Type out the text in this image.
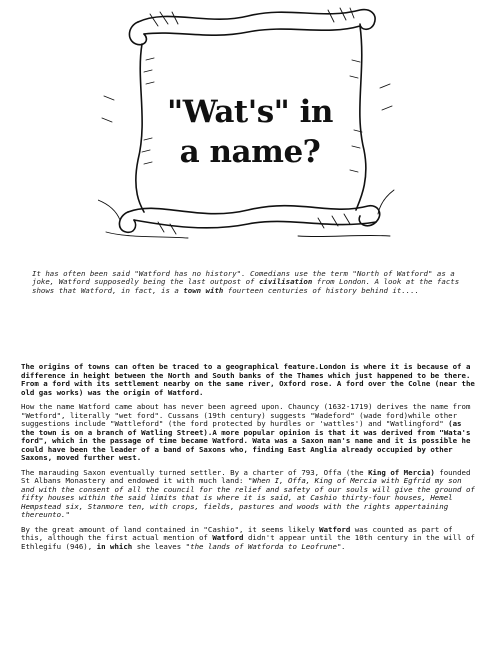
"Wat's" in
a name?

It has often been said "Watford has no history". Comedians use the term "North of Watford" as a joke, Watford supposedly being the last outpost of civilisation from London. A look at the facts shows that Watford, in fact, is a town with fourteen centuries of history behind it....

The origins of towns can often be traced to a geographical feature.London is where it is because of a difference in height between the North and South banks of the Thames which just happened to be there. From a ford with its settlement nearby on the same river, Oxford rose. A ford over the Colne (near the old gas works) was the origin of Watford.

How the name Watford came about has never been agreed upon. Chauncy (1632-1719) derives the name from "Wetford", literally "wet ford". Cussans (19th century) suggests "Wadeford" (wade ford)while other suggestions include "Wattleford" (the ford protected by hurdles or 'wattles') and "Watlingford" (as the town is on a branch of Watling Street).A more popular opinion is that it was derived from "Wata's ford", which in the passage of time became Watford. Wata was a Saxon man's name and it is possible he could have been the leader of a band of Saxons who, finding East Anglia already occupied by other Saxons, moved further west.

The marauding Saxon eventually turned settler. By a charter of 793, Offa (the King of Mercia) founded St Albans Monastery and endowed it with much land: "When I, Offa, King of Mercia with Egfrid my son and with the consent of all the council for the relief and safety of our souls will give the ground of fifty houses within the said limits that is where it is said, at Cashio thirty-four houses, Hemel Hempstead six, Stanmore ten, with crops, fields, pastures and woods with the rights appertaining thereunto."

By the great amount of land contained in "Cashio", it seems likely Watford was counted as part of this, although the first actual mention of Watford didn't appear until the 10th century in the will of Ethlegifu (946), in which she leaves "the lands of Watforda to Leofrune".
